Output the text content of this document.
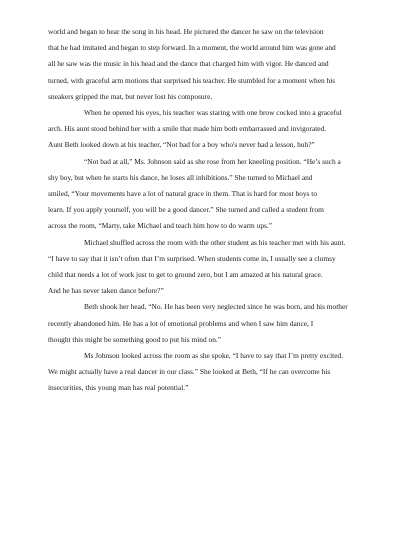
world and began to hear the song in his head. He pictured the dancer he saw on the television
that he had imitated and began to step forward. In a moment, the world around him was gone and
all he saw was the music in his head and the dance that charged him with vigor. He danced and
turned, with graceful arm motions that surprised his teacher. He stumbled for a moment when his
sneakers gripped the mat, but never lost his composure.
When he opened his eyes, his teacher was staring with one brow cocked into a graceful
arch. His aunt stood behind her with a smile that made him both embarrassed and invigorated.
Aunt Beth looked down at his teacher, “Not bad for a boy who's never had a lesson, huh?”
“Not bad at all,” Ms. Johnson said as she rose from her kneeling position. “He’s such a
shy boy, but when he starts his dance, he loses all inhibitions.” She turned to Michael and
smiled, “Your movements have a lot of natural grace in them. That is hard for most boys to
learn. If you apply yourself, you will be a good dancer.” She turned and called a student from
across the room, “Marty, take Michael and teach him how to do warm ups.”
Michael shuffled across the room with the other student as his teacher met with his aunt.
“I have to say that it isn’t often that I’m surprised. When students come in, I usually see a clumsy
child that needs a lot of work just to get to ground zero, but I am amazed at his natural grace.
And he has never taken dance before?”
Beth shook her head, “No. He has been very neglected since he was born, and his mother
recently abandoned him. He has a lot of emotional problems and when I saw him dance, I
thought this might be something good to put his mind on.”
Ms Johnson looked across the room as she spoke, “I have to say that I’m pretty excited.
We might actually have a real dancer in our class.” She looked at Beth, “If he can overcome his
insecurities, this young man has real potential.”
